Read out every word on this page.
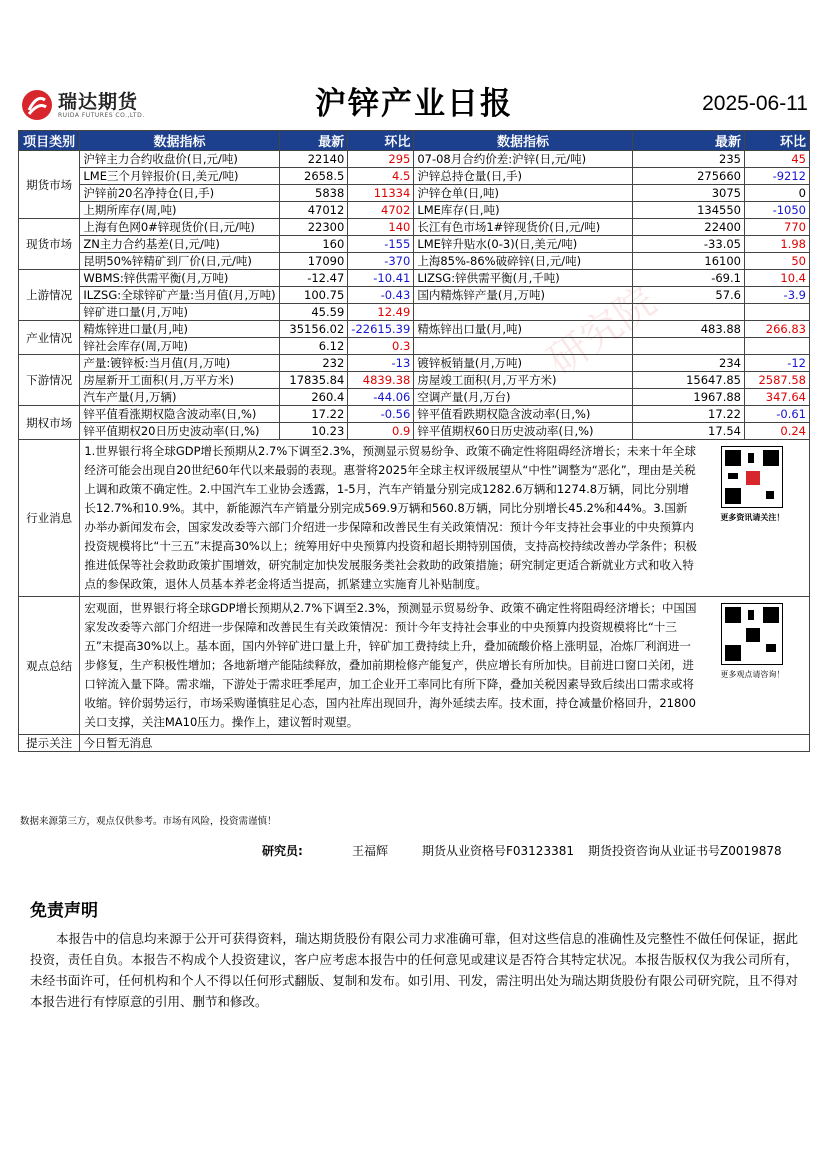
瑞达期货
RUIDA FUTURES CO.,LTD.	沪锌产业日报	2025-06-11
研究院
项目类别	数据指标	最新	环比	数据指标	最新	环比
期货市场	沪锌主力合约收盘价(日,元/吨)	22140	295	07-08月合约价差:沪锌(日,元/吨)	235	45
	LME三个月锌报价(日,美元/吨)	2658.5	4.5	沪锌总持仓量(日,手)	275660	-9212
	沪锌前20名净持仓(日,手)	5838	11334	沪锌仓单(日,吨)	3075	0
	上期所库存(周,吨)	47012	4702	LME库存(日,吨)	134550	-1050
现货市场	上海有色网0#锌现货价(日,元/吨)	22300	140	长江有色市场1#锌现货价(日,元/吨)	22400	770
	ZN主力合约基差(日,元/吨)	160	-155	LME锌升贴水(0-3)(日,美元/吨)	-33.05	1.98
	昆明50%锌精矿到厂价(日,元/吨)	17090	-370	上海85%-86%破碎锌(日,元/吨)	16100	50
上游情况	WBMS:锌供需平衡(月,万吨)	-12.47	-10.41	LIZSG:锌供需平衡(月,千吨)	-69.1	10.4
	ILZSG:全球锌矿产量:当月值(月,万吨)	100.75	-0.43	国内精炼锌产量(月,万吨)	57.6	-3.9
	锌矿进口量(月,万吨)	45.59	12.49			
产业情况	精炼锌进口量(月,吨)	35156.02	-22615.39	精炼锌出口量(月,吨)	483.88	266.83
	锌社会库存(周,万吨)	6.12	0.3			
下游情况	产量:镀锌板:当月值(月,万吨)	232	-13	镀锌板销量(月,万吨)	234	-12
	房屋新开工面积(月,万平方米)	17835.84	4839.38	房屋竣工面积(月,万平方米)	15647.85	2587.58
	汽车产量(月,万辆)	260.4	-44.06	空调产量(月,万台)	1967.88	347.64
期权市场	锌平值看涨期权隐含波动率(日,%)	17.22	-0.56	锌平值看跌期权隐含波动率(日,%)	17.22	-0.61
	锌平值期权20日历史波动率(日,%)	10.23	0.9	锌平值期权60日历史波动率(日,%)	17.54	0.24
行业消息	1.世界银行将全球GDP增长预期从2.7%下调至2.3%，预测显示贸易纷争、政策不确定性将阻碍经济增长；未来十年全球经济可能会出现自20世纪60年代以来最弱的表现。惠誉将2025年全球主权评级展望从“中性”调整为“恶化”，理由是关税上调和政策不确定性。2.中国汽车工业协会透露，1-5月，汽车产销量分别完成1282.6万辆和1274.8万辆，同比分别增长12.7%和10.9%。其中，新能源汽车产销量分别完成569.9万辆和560.8万辆，同比分别增长45.2%和44%。3.国新办举办新闻发布会，国家发改委等六部门介绍进一步保障和改善民生有关政策情况：预计今年支持社会事业的中央预算内投资规模将比“十三五”末提高30%以上；统筹用好中央预算内投资和超长期特别国债，支持高校持续改善办学条件；积极推进低保等社会救助政策扩围增效，研究制定加快发展服务类社会救助的政策措施；研究制定更适合新就业方式和收入特点的参保政策，退休人员基本养老金将适当提高，抓紧建立实施育儿补贴制度。
更多资讯请关注！					

观点总结	宏观面，世界银行将全球GDP增长预期从2.7%下调至2.3%，预测显示贸易纷争、政策不确定性将阻碍经济增长；中国国家发改委等六部门介绍进一步保障和改善民生有关政策情况：预计今年支持社会事业的中央预算内投资规模将比“十三五”末提高30%以上。基本面，国内外锌矿进口量上升，锌矿加工费持续上升，叠加硫酸价格上涨明显，冶炼厂利润进一步修复，生产积极性增加；各地新增产能陆续释放，叠加前期检修产能复产，供应增长有所加快。目前进口窗口关闭，进口锌流入量下降。需求端，下游处于需求旺季尾声，加工企业开工率同比有所下降，叠加关税因素导致后续出口需求或将收缩。锌价弱势运行，市场采购谨慎驻足心态，国内社库出现回升，海外延续去库。技术面，持仓减量价格回升，21800关口支撑，关注MA10压力。操作上，建议暂时观望。
更多观点请咨询！					

提示关注	今日暂无消息					
数据来源第三方，观点仅供参考。市场有风险，投资需谨慎！
研究员:	王福辉	期货从业资格号F03123381 期货投资咨询从业证书号Z0019878
免责声明
本报告中的信息均来源于公开可获得资料，瑞达期货股份有限公司力求准确可靠，但对这些信息的准确性及完整性不做任何保证，据此投资，责任自负。本报告不构成个人投资建议，客户应考虑本报告中的任何意见或建议是否符合其特定状况。本报告版权仅为我公司所有，未经书面许可，任何机构和个人不得以任何形式翻版、复制和发布。如引用、刊发，需注明出处为瑞达期货股份有限公司研究院，且不得对本报告进行有悖原意的引用、删节和修改。
